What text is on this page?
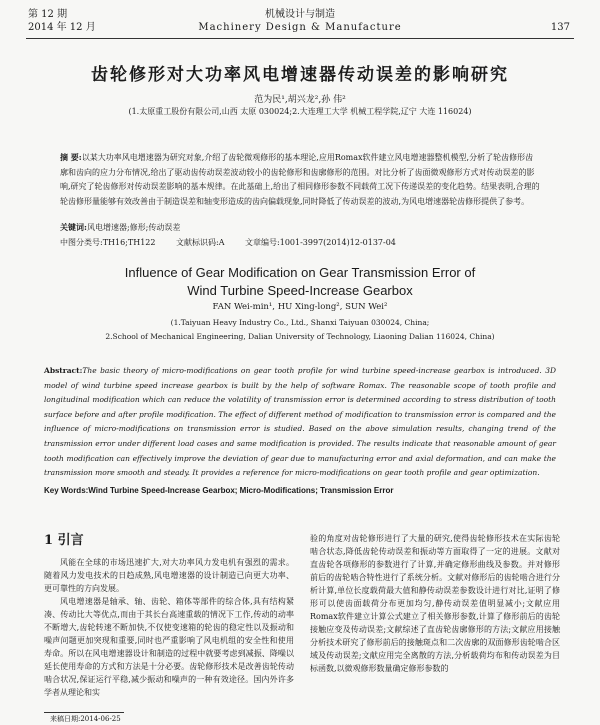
第 12 期
2014 年 12 月
机械设计与制造
Machinery Design & Manufacture	137
齿轮修形对大功率风电增速器传动误差的影响研究
范为民¹,胡兴龙²,孙 伟²
(1.太原重工股份有限公司,山西 太原 030024;2.大连理工大学 机械工程学院,辽宁 大连 116024)
摘 要:以某大功率风电增速器为研究对象,介绍了齿轮微观修形的基本理论,应用Romax软件建立风电增速器整机模型,分析了轮齿修形齿廓和齿向的应力分布情况,给出了驱动齿传动误差波动较小的齿轮修形和齿廓修形的范围。对比分析了齿面微观修形方式对传动误差的影响,研究了轮齿修形对传动误差影响的基本规律。在此基础上,给出了相同修形参数不同载荷工况下传递误差的变化趋势。结果表明,合理的轮齿修形量能够有效改善由于制造误差和轴变形造成的齿向偏载现象,同时降低了传动误差的波动,为风电增速器轮齿修形提供了参考。
关键词:风电增速器;修形;传动误差
中图分类号:TH16;TH122	文献标识码:A	文章编号:1001-3997(2014)12-0137-04
Influence of Gear Modification on Gear Transmission Error of
Wind Turbine Speed-Increase Gearbox
FAN Wei-min¹, HU Xing-long², SUN Wei²
(1.Taiyuan Heavy Industry Co., Ltd., Shanxi Taiyuan 030024, China;
2.School of Mechanical Engineering, Dalian University of Technology, Liaoning Dalian 116024, China)
Abstract:The basic theory of micro-modifications on gear tooth profile for wind turbine speed-increase gearbox is introduced. 3D model of wind turbine speed increase gearbox is built by the help of software Romax. The reasonable scope of tooth profile and longitudinal modification which can reduce the volatility of transmission error is determined according to stress distribution of tooth surface before and after profile modification. The effect of different method of modification to transmission error is compared and the influence of micro-modifications on transmission error is studied. Based on the above simulation results, changing trend of the transmission error under different load cases and same modification is provided. The results indicate that reasonable amount of gear tooth modification can effectively improve the deviation of gear due to manufacturing error and axial deformation, and can make the transmission more smooth and steady. It provides a reference for micro-modifications on gear tooth profile and gear optimization.
Key Words:Wind Turbine Speed-Increase Gearbox; Micro-Modifications; Transmission Error
1 引言

风能在全球的市场迅速扩大,对大功率风力发电机有强烈的需求。随着风力发电技术的日趋成熟,风电增速器的设计制造已向更大功率、更可靠性的方向发展。

风电增速器是轴承、轴、齿轮、箱体等部件的综合体,具有结构紧凑、传动比大等优点,而由于其长台高速重载的情况下工作,传动的动率不断增大,齿轮转速不断加快,不仅使变速箱的轮齿的稳定性以及振动和噪声问题更加突现和重要,同时也严重影响了风电机组的安全性和使用寿命。所以在风电增速器设计和制造的过程中就要考虑到减振、降噪以延长使用寿命的方式和方法是十分必要。齿轮修形技术是改善齿轮传动啮合状况,保证运行平稳,减少振动和噪声的一种有效途径。国内外许多学者从理论和实

验的角度对齿轮修形进行了大量的研究,使得齿轮修形技术在实际齿轮啮合状态,降低齿轮传动误差和振动等方面取得了一定的进展。文献对直齿轮各项修形的参数进行了计算,并确定修形曲线及参数。并对修形前后的齿轮啮合特性进行了系统分析。文献对修形后的齿轮啮合进行分析计算,单位长度载荷最大值和静传动误差参数设计进行对比,证明了修形可以使齿面载荷分布更加均匀,静传动误差值明显减小;文献应用Romax软件建立计算公式建立了相关修形参数,计算了修形前后的齿轮接触应变及传动误差;文献综述了直齿轮齿廓修形的方法;文献应用接触分析技术研究了修形前后的接触斑点和二次齿廓的双面修形齿轮啮合区域及传动误差;文献应用完全离散的方法,分析载荷均布和传动误差为目标函数,以微观修形数量确定修形参数的

来稿日期:2014-06-25
